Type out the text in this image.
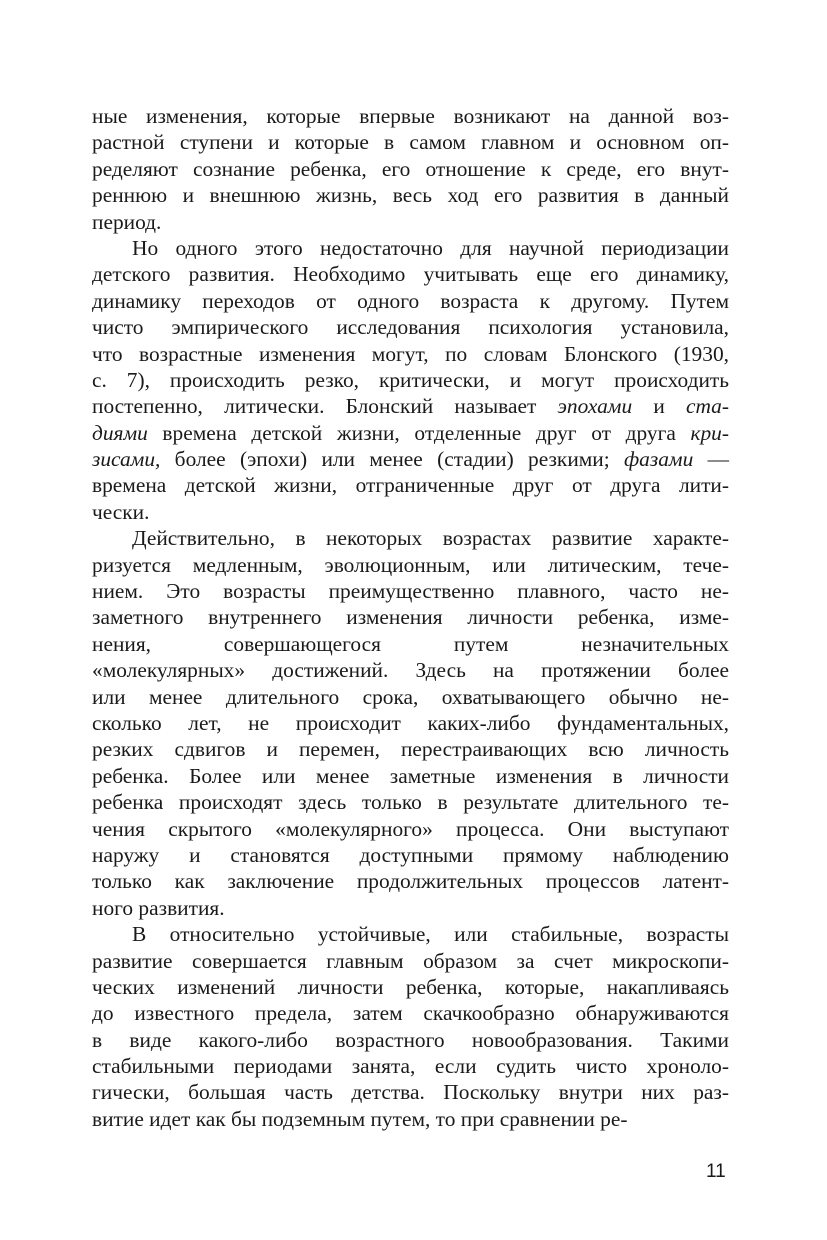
ные изменения, которые впервые возникают на данной воз-
растной ступени и которые в самом главном и основном оп-
ределяют сознание ребенка, его отношение к среде, его внут-
реннюю и внешнюю жизнь, весь ход его развития в данный
период.
Но одного этого недостаточно для научной периодизации
детского развития. Необходимо учитывать еще его динамику,
динамику переходов от одного возраста к другому. Путем
чисто эмпирического исследования психология установила,
что возрастные изменения могут, по словам Блонского (1930,
с. 7), происходить резко, критически, и могут происходить
постепенно, литически. Блонский называет эпохами и ста-
диями времена детской жизни, отделенные друг от друга кри-
зисами, более (эпохи) или менее (стадии) резкими; фазами —
времена детской жизни, отграниченные друг от друга лити-
чески.
Действительно, в некоторых возрастах развитие характе-
ризуется медленным, эволюционным, или литическим, тече-
нием. Это возрасты преимущественно плавного, часто не-
заметного внутреннего изменения личности ребенка, изме-
нения, совершающегося путем незначительных
«молекулярных» достижений. Здесь на протяжении более
или менее длительного срока, охватывающего обычно не-
сколько лет, не происходит каких-либо фундаментальных,
резких сдвигов и перемен, перестраивающих всю личность
ребенка. Более или менее заметные изменения в личности
ребенка происходят здесь только в результате длительного те-
чения скрытого «молекулярного» процесса. Они выступают
наружу и становятся доступными прямому наблюдению
только как заключение продолжительных процессов латент-
ного развития.
В относительно устойчивые, или стабильные, возрасты
развитие совершается главным образом за счет микроскопи-
ческих изменений личности ребенка, которые, накапливаясь
до известного предела, затем скачкообразно обнаруживаются
в виде какого-либо возрастного новообразования. Такими
стабильными периодами занята, если судить чисто хроноло-
гически, большая часть детства. Поскольку внутри них раз-
витие идет как бы подземным путем, то при сравнении ре-
11
